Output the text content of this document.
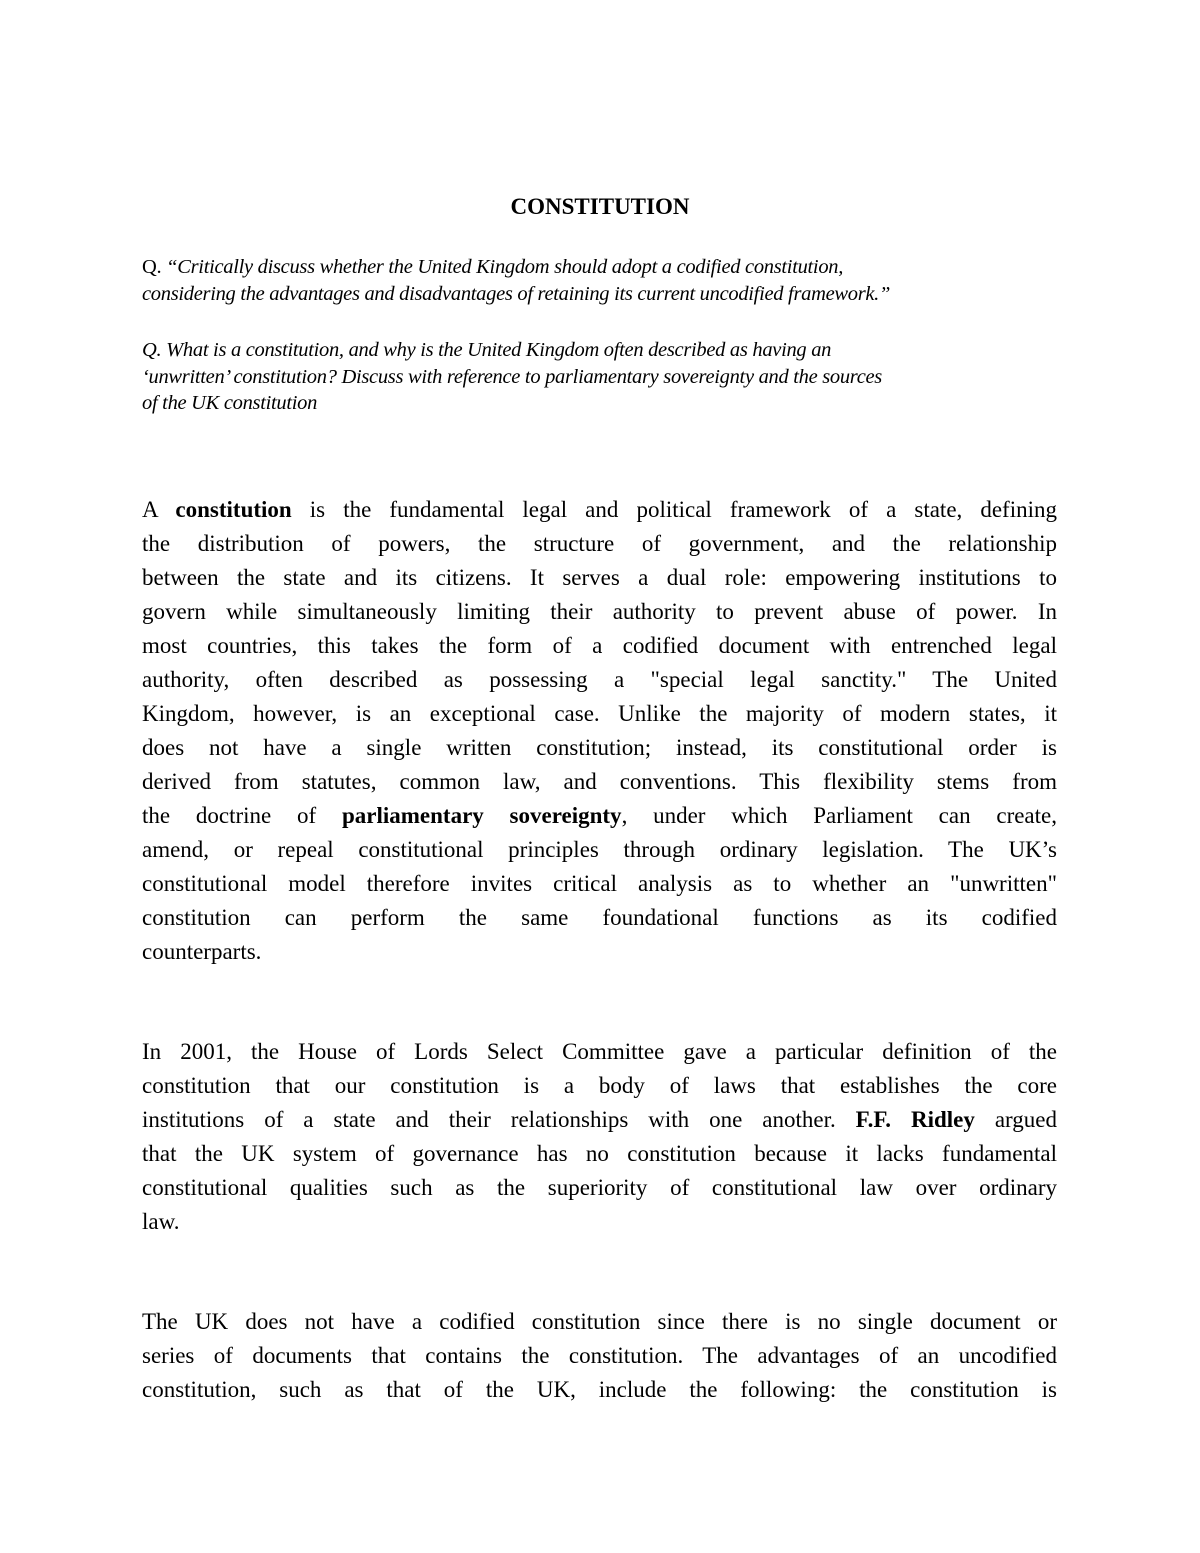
CONSTITUTION
Q. “Critically discuss whether the United Kingdom should adopt a codified constitution,
considering the advantages and disadvantages of retaining its current uncodified framework.”
Q. What is a constitution, and why is the United Kingdom often described as having an
‘unwritten’ constitution? Discuss with reference to parliamentary sovereignty and the sources
of the UK constitution
A constitution is the fundamental legal and political framework of a state, defining
the distribution of powers, the structure of government, and the relationship
between the state and its citizens. It serves a dual role: empowering institutions to
govern while simultaneously limiting their authority to prevent abuse of power. In
most countries, this takes the form of a codified document with entrenched legal
authority, often described as possessing a "special legal sanctity." The United
Kingdom, however, is an exceptional case. Unlike the majority of modern states, it
does not have a single written constitution; instead, its constitutional order is
derived from statutes, common law, and conventions. This flexibility stems from
the doctrine of parliamentary sovereignty, under which Parliament can create,
amend, or repeal constitutional principles through ordinary legislation. The UK’s
constitutional model therefore invites critical analysis as to whether an "unwritten"
constitution can perform the same foundational functions as its codified
counterparts.
In 2001, the House of Lords Select Committee gave a particular definition of the
constitution that our constitution is a body of laws that establishes the core
institutions of a state and their relationships with one another. F.F. Ridley argued
that the UK system of governance has no constitution because it lacks fundamental
constitutional qualities such as the superiority of constitutional law over ordinary
law.
The UK does not have a codified constitution since there is no single document or
series of documents that contains the constitution. The advantages of an uncodified
constitution, such as that of the UK, include the following: the constitution is
